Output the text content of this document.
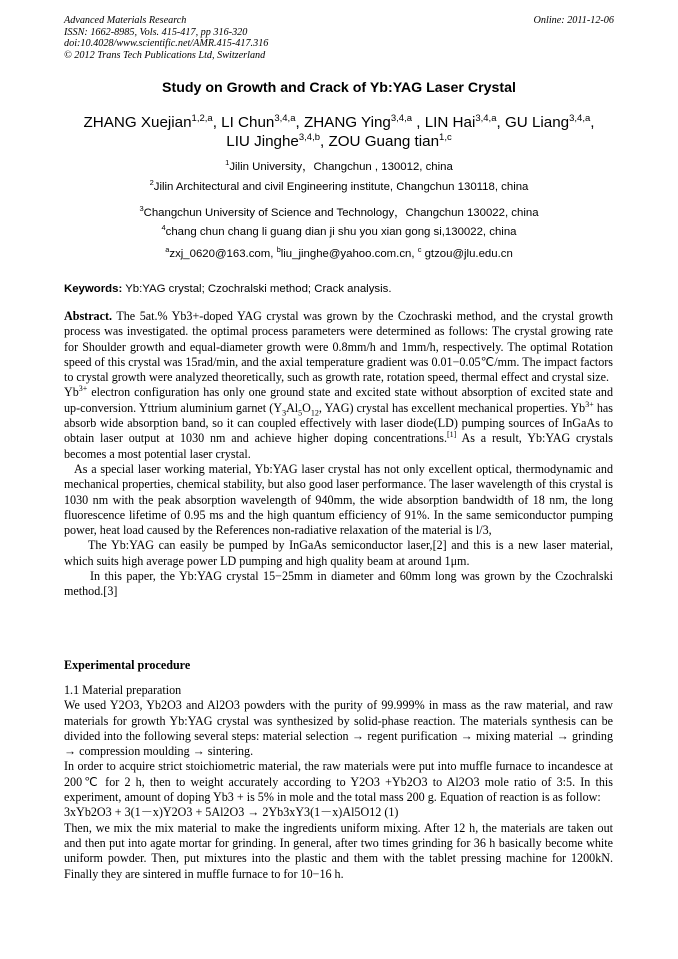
Advanced Materials Research
ISSN: 1662-8985, Vols. 415-417, pp 316-320
doi:10.4028/www.scientific.net/AMR.415-417.316
© 2012 Trans Tech Publications Ltd, Switzerland
Online: 2011-12-06
Study on Growth and Crack of Yb:YAG Laser Crystal
ZHANG Xuejian$^{1,2,a}$, LI Chun$^{3,4,a}$, ZHANG Ying$^{3,4,a}$ , LIN Hai$^{3,4,a}$, GU Liang$^{3,4,a}$,
LIU Jinghe$^{3,4,b}$, ZOU Guang tian$^{1,c}$
$^1$Jilin University，Changchun , 130012, china
$^2$Jilin Architectural and civil Engineering institute, Changchun 130118, china
$^3$Changchun University of Science and Technology，Changchun 130022, china
$^4$chang chun chang li guang dian ji shu you xian gong si,130022, china
$^a$zxj_0620@163.com, $^b$liu_jinghe@yahoo.com.cn, $^c$ gtzou@jlu.edu.cn
Keywords: Yb:YAG crystal; Czochralski method; Crack analysis.

Abstract. The 5at.% Yb3+-doped YAG crystal was grown by the Czochraski method, and the crystal growth process was investigated. the optimal process parameters were determined as follows: The crystal growing rate for Shoulder growth and equal-diameter growth were 0.8mm/h and 1mm/h, respectively. The optimal Rotation speed of this crystal was 15rad/min, and the axial temperature gradient was 0.01−0.05℃/mm. The impact factors to crystal growth were analyzed theoretically, such as growth rate, rotation speed, thermal effect and crystal size.

$Yb^{3+}$ electron configuration has only one ground state and excited state without absorption of excited state and up-conversion. Yttrium aluminium garnet ($Y_3Al_5O_{12}$, YAG) crystal has excellent mechanical properties. $Yb^{3+}$ has absorb wide absorption band, so it can coupled effectively with laser diode(LD) pumping sources of InGaAs to obtain laser output at 1030 nm and achieve higher doping concentrations.[1] As a result, Yb:YAG crystals becomes a most potential laser crystal.

As a special laser working material, Yb:YAG laser crystal has not only excellent optical, thermodynamic and mechanical properties, chemical stability, but also good laser performance. The laser wavelength of this crystal is 1030 nm with the peak absorption wavelength of 940mm, the wide absorption bandwidth of 18 nm, the long fluorescence lifetime of 0.95 ms and the high quantum efficiency of 91%. In the same semiconductor pumping power, heat load caused by the References non-radiative relaxation of the material is l/3,

The Yb:YAG can easily be pumped by InGaAs semiconductor laser,[2] and this is a new laser material, which suits high average power LD pumping and high quality beam at around 1μm.

In this paper, the Yb:YAG crystal 15−25mm in diameter and 60mm long was grown by the Czochralski method.[3]

Experimental procedure

1.1 Material preparation

We used Y2O3, Yb2O3 and Al2O3 powders with the purity of 99.999% in mass as the raw material, and raw materials for growth Yb:YAG crystal was synthesized by solid-phase reaction. The materials synthesis can be divided into the following several steps: material selection → regent purification → mixing material → grinding → compression moulding → sintering.

In order to acquire strict stoichiometric material, the raw materials were put into muffle furnace to incandesce at 200℃ for 2 h, then to weight accurately according to Y2O3 +Yb2O3 to Al2O3 mole ratio of 3:5. In this experiment, amount of doping Yb3 + is 5% in mole and the total mass 200 g. Equation of reaction is as follow:

3xYb2O3 + 3(1－x)Y2O3 + 5Al2O3 → 2Yb3xY3(1－x)Al5O12 (1)

Then, we mix the mix material to make the ingredients uniform mixing. After 12 h, the materials are taken out and then put into agate mortar for grinding. In general, after two times grinding for 36 h basically become white uniform powder. Then, put mixtures into the plastic and them with the tablet pressing machine for 1200kN. Finally they are sintered in muffle furnace to for 10−16 h.
